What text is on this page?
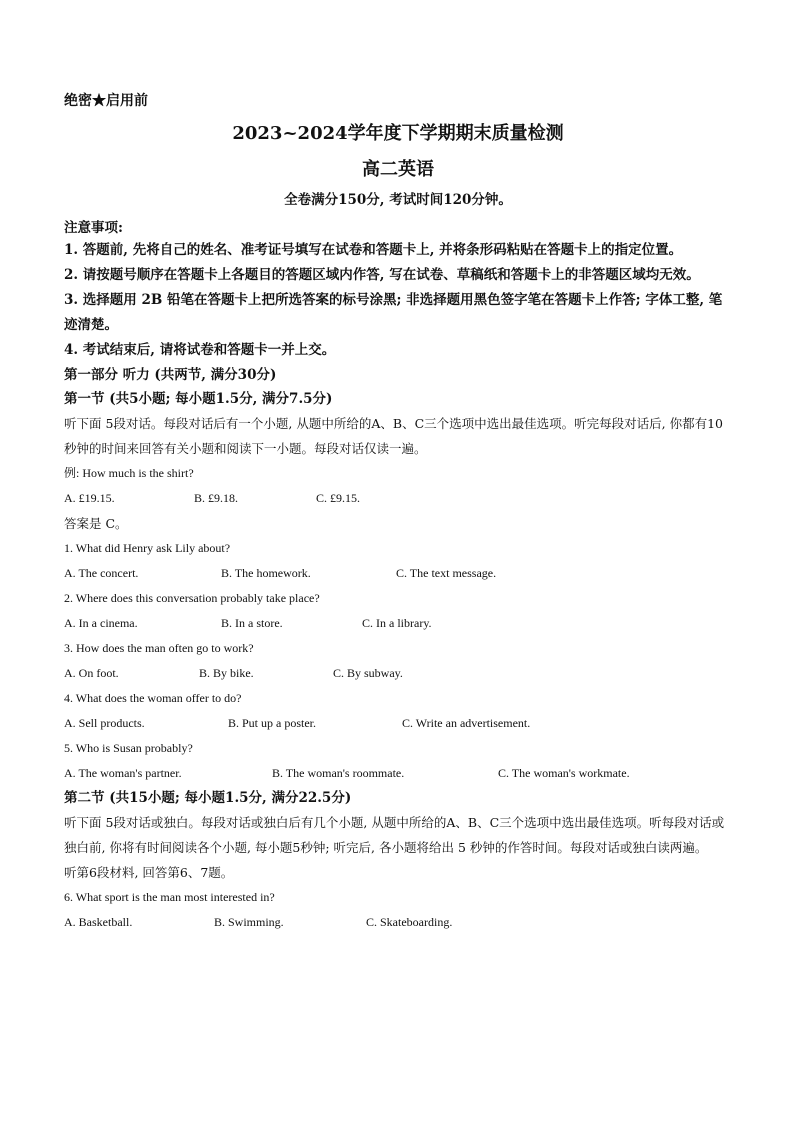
绝密★启用前
2023~2024学年度下学期期末质量检测
高二英语
全卷满分150分, 考试时间120分钟。
注意事项:
1. 答题前, 先将自己的姓名、准考证号填写在试卷和答题卡上, 并将条形码粘贴在答题卡上的指定位置。
2. 请按题号顺序在答题卡上各题目的答题区域内作答, 写在试卷、草稿纸和答题卡上的非答题区域均无效。
3. 选择题用 2B 铅笔在答题卡上把所选答案的标号涂黑; 非选择题用黑色签字笔在答题卡上作答; 字体工整, 笔迹清楚。
4. 考试结束后, 请将试卷和答题卡一并上交。
第一部分 听力 (共两节, 满分30分)
第一节 (共5小题; 每小题1.5分, 满分7.5分)
听下面 5段对话。每段对话后有一个小题, 从题中所给的A、B、C三个选项中选出最佳选项。听完每段对话后, 你都有10秒钟的时间来回答有关小题和阅读下一小题。每段对话仅读一遍。
例: How much is the shirt?
A. £19.15.	B. £9.18.	C. £9.15.
答案是 C。
1. What did Henry ask Lily about?
A. The concert.	B. The homework.	C. The text message.
2. Where does this conversation probably take place?
A. In a cinema.	B. In a store.	C. In a library.
3. How does the man often go to work?
A. On foot.	B. By bike.	C. By subway.
4. What does the woman offer to do?
A. Sell products.	B. Put up a poster.	C. Write an advertisement.
5. Who is Susan probably?
A. The woman's partner.	B. The woman's roommate.	C. The woman's workmate.
第二节 (共15小题; 每小题1.5分, 满分22.5分)
听下面 5段对话或独白。每段对话或独白后有几个小题, 从题中所给的A、B、C三个选项中选出最佳选项。听每段对话或独白前, 你将有时间阅读各个小题, 每小题5秒钟; 听完后, 各小题将给出 5 秒钟的作答时间。每段对话或独白读两遍。
听第6段材料, 回答第6、7题。
6. What sport is the man most interested in?
A. Basketball.	B. Swimming.	C. Skateboarding.
